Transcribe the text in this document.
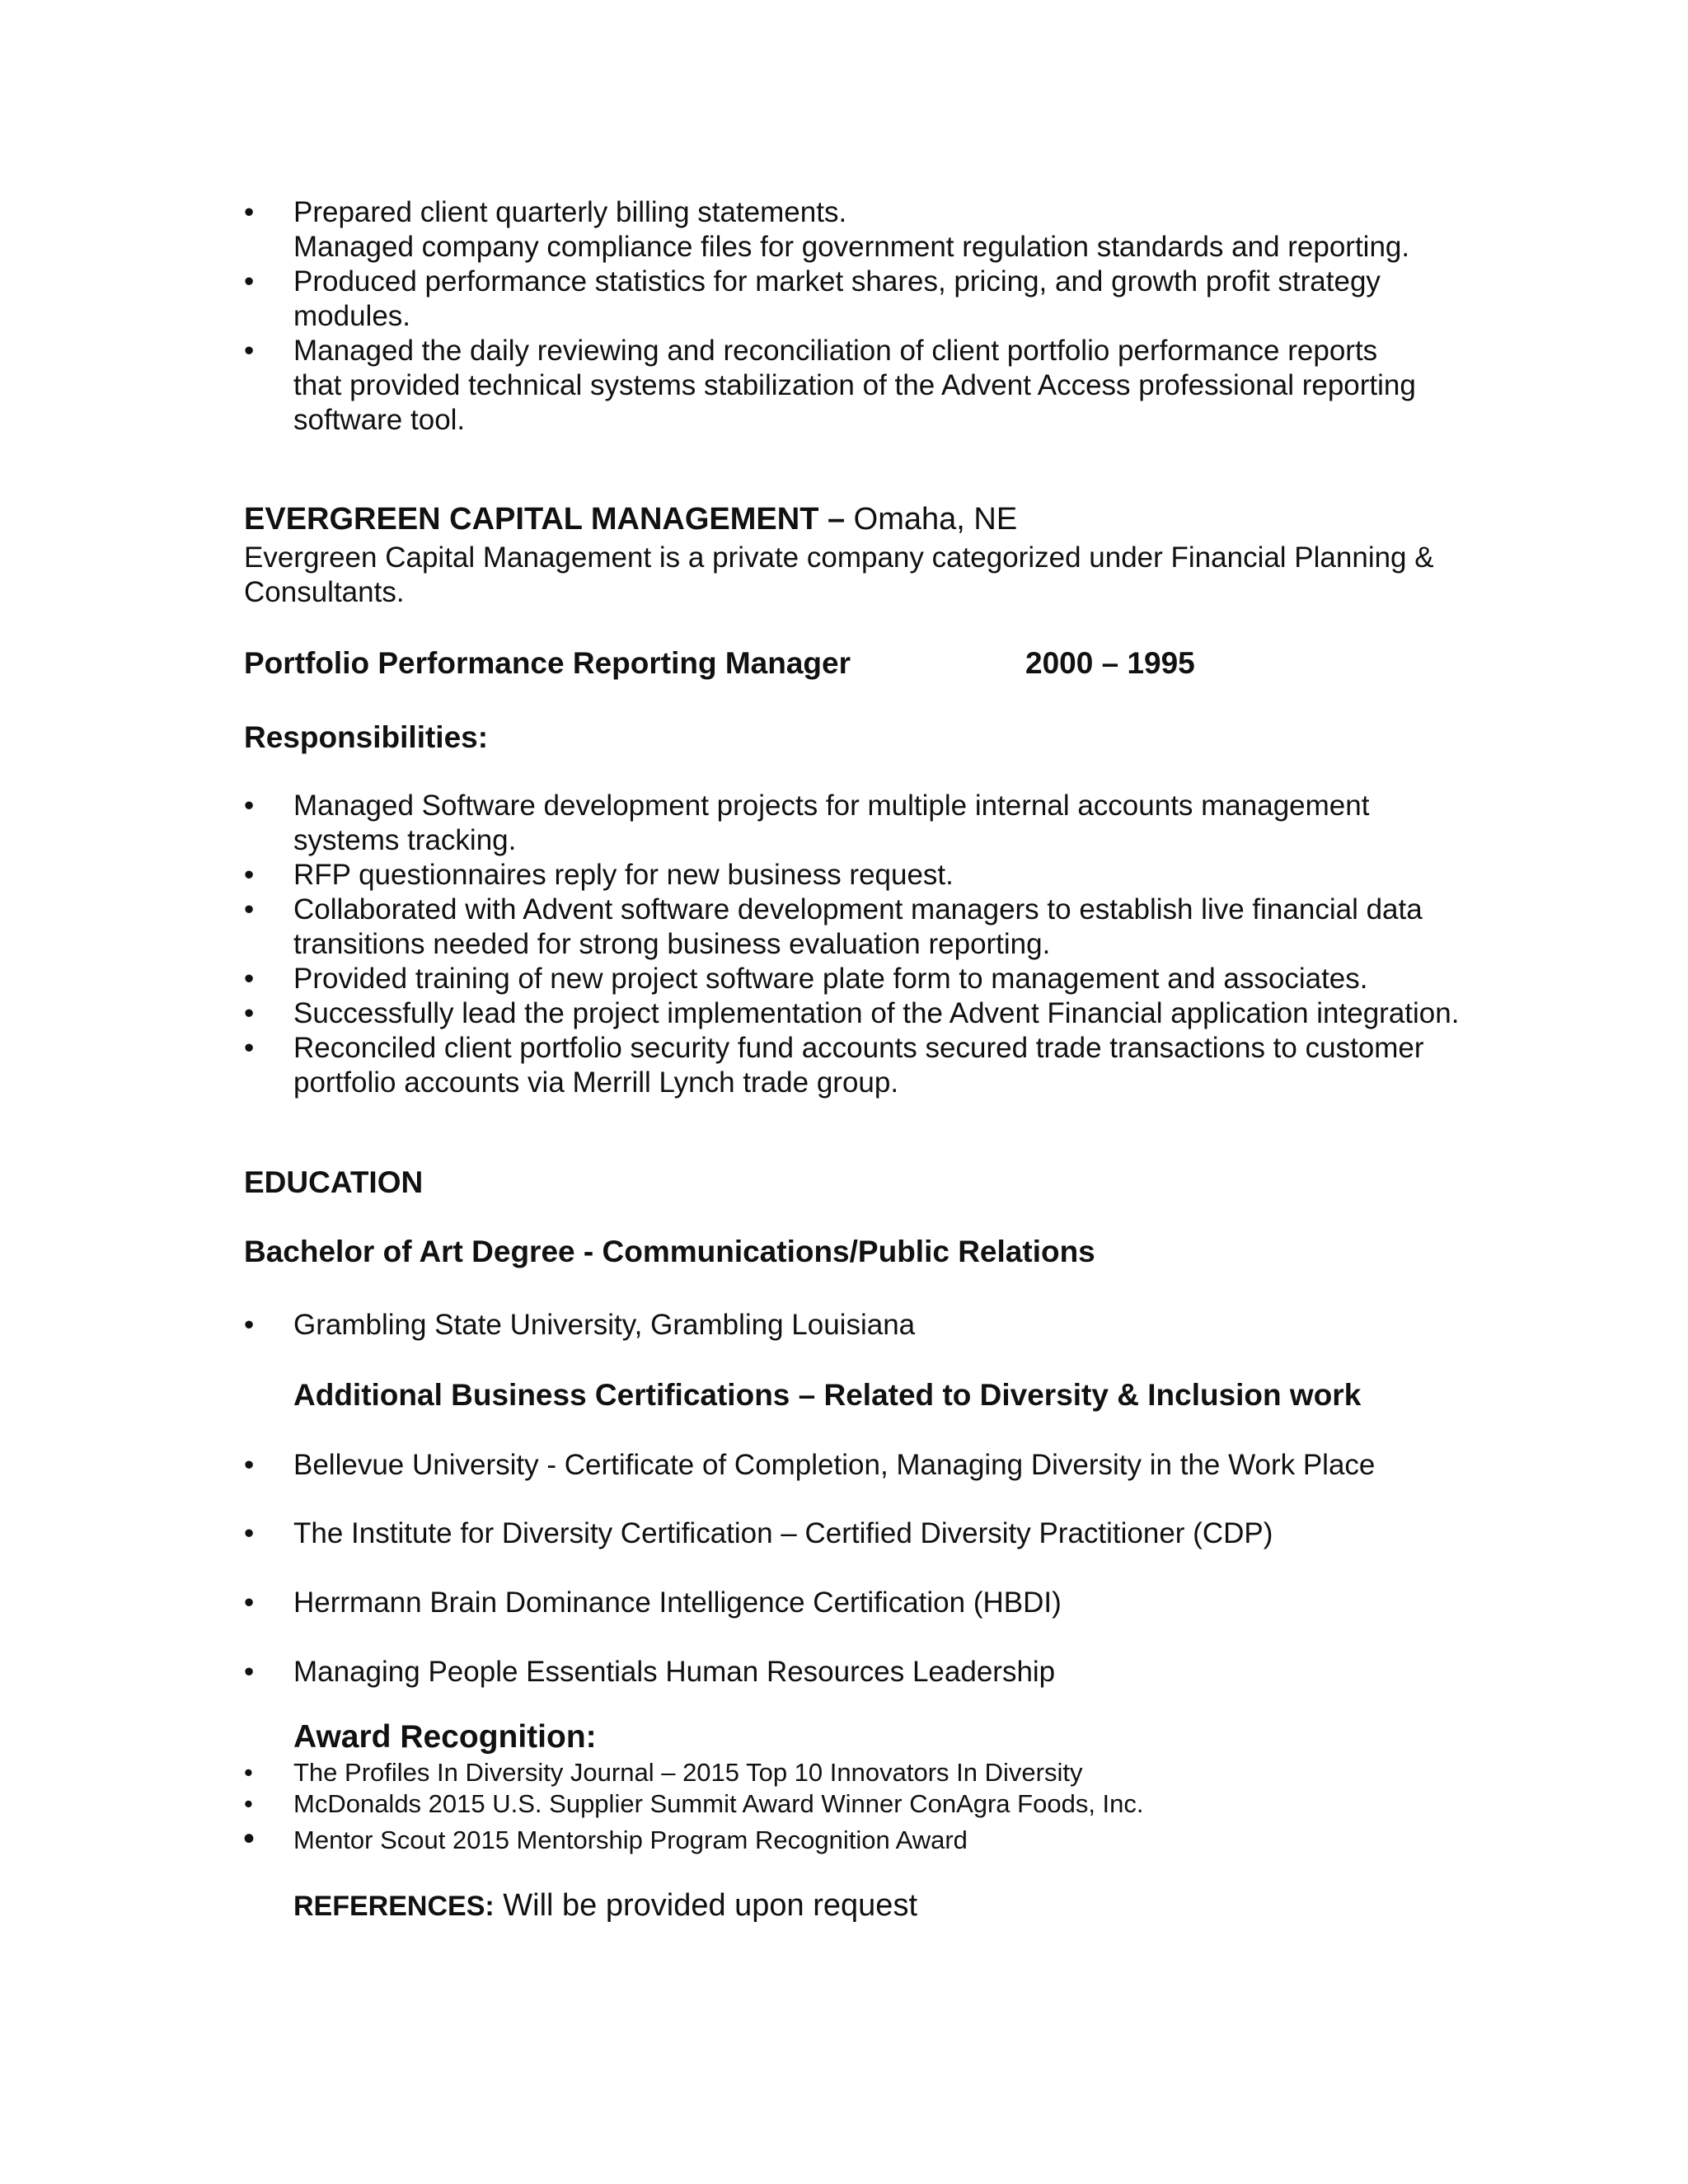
• Prepared client quarterly billing statements.
Managed company compliance files for government regulation standards and reporting.
• Produced performance statistics for market shares, pricing, and growth profit strategy
modules.
• Managed the daily reviewing and reconciliation of client portfolio performance reports
that provided technical systems stabilization of the Advent Access professional reporting
software tool.
EVERGREEN CAPITAL MANAGEMENT – Omaha, NE
Evergreen Capital Management is a private company categorized under Financial Planning &
Consultants.
Portfolio Performance Reporting Manager	2000 – 1995
Responsibilities:
• Managed Software development projects for multiple internal accounts management
systems tracking.
• RFP questionnaires reply for new business request.
• Collaborated with Advent software development managers to establish live financial data
transitions needed for strong business evaluation reporting.
• Provided training of new project software plate form to management and associates.
• Successfully lead the project implementation of the Advent Financial application integration.
• Reconciled client portfolio security fund accounts secured trade transactions to customer
portfolio accounts via Merrill Lynch trade group.
EDUCATION
Bachelor of Art Degree - Communications/Public Relations
• Grambling State University, Grambling Louisiana
Additional Business Certifications – Related to Diversity & Inclusion work
• Bellevue University - Certificate of Completion, Managing Diversity in the Work Place
• The Institute for Diversity Certification – Certified Diversity Practitioner (CDP)
• Herrmann Brain Dominance Intelligence Certification (HBDI)
• Managing People Essentials Human Resources Leadership
Award Recognition:
• The Profiles In Diversity Journal – 2015 Top 10 Innovators In Diversity
• McDonalds 2015 U.S. Supplier Summit Award Winner ConAgra Foods, Inc.
• Mentor Scout 2015 Mentorship Program Recognition Award
REFERENCES: Will be provided upon request
